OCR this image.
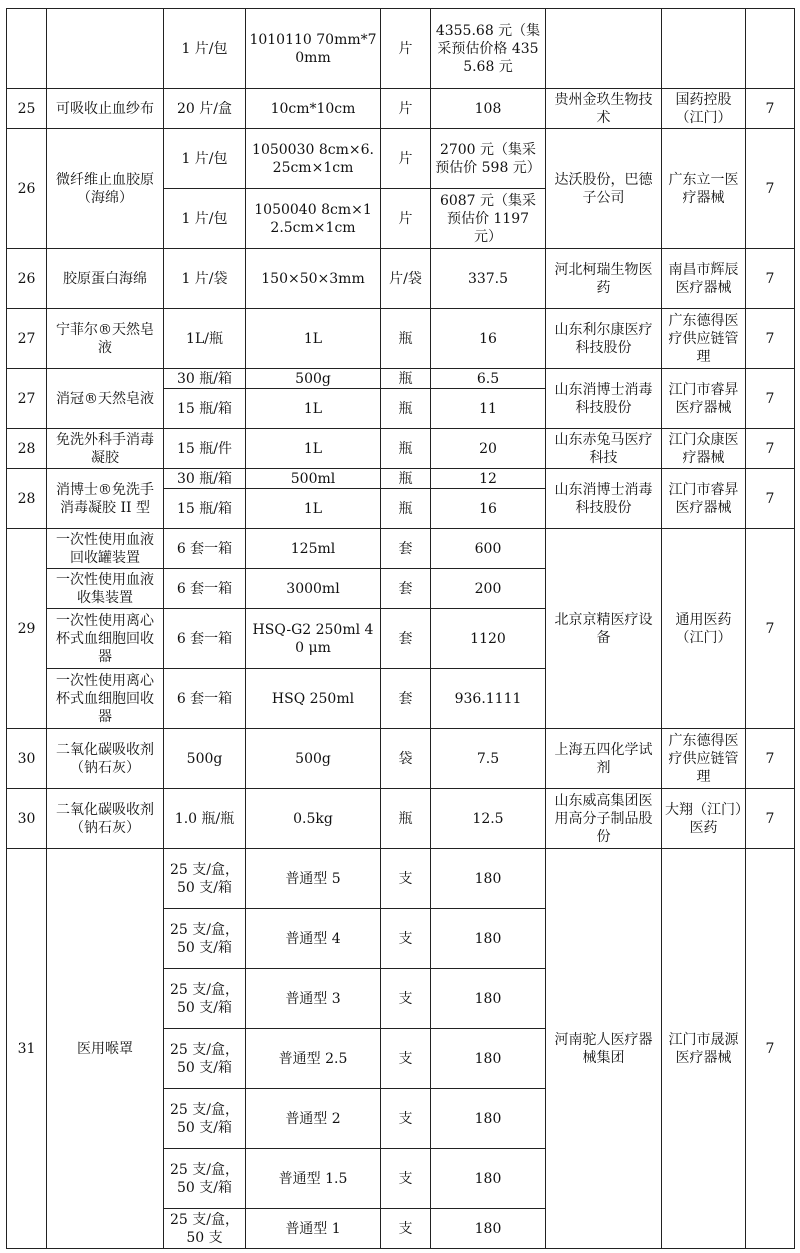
		1 片/包	1010110 70mm*70mm	片	4355.68 元（集采预估价格 4355.68 元			
25	可吸收止血纱布	20 片/盒	10cm*10cm	片	108	贵州金玖生物技术	国药控股（江门）	7
26	微纤维止血胶原（海绵）	1 片/包	1050030 8cm×6.25cm×1cm	片	2700 元（集采预估价 598 元）	达沃股份，巴德子公司	广东立一医疗器械	7
		1 片/包	1050040 8cm×12.5cm×1cm	片	6087 元（集采预估价 1197 元）			
26	胶原蛋白海绵	1 片/袋	150×50×3mm	片/袋	337.5	河北柯瑞生物医药	南昌市辉辰医疗器械	7
27	宁菲尔®天然皂液	1L/瓶	1L	瓶	16	山东利尔康医疗科技股份	广东德得医疗供应链管理	7
27	消冠®天然皂液	30 瓶/箱	500g	瓶	6.5	山东消博士消毒科技股份	江门市睿昇医疗器械	7
		15 瓶/箱	1L	瓶	11			
28	免洗外科手消毒凝胶	15 瓶/件	1L	瓶	20	山东赤兔马医疗科技	江门众康医疗器械	7
28	消博士®免洗手消毒凝胶 II 型	30 瓶/箱	500ml	瓶	12	山东消博士消毒科技股份	江门市睿昇医疗器械	7
		15 瓶/箱	1L	瓶	16			
29	一次性使用血液回收罐装置	6 套一箱	125ml	套	600	北京京精医疗设备	通用医药（江门）	7
	一次性使用血液收集装置	6 套一箱	3000ml	套	200			
	一次性使用离心杯式血细胞回收器	6 套一箱	HSQ-G2 250ml 40 μm	套	1120			
	一次性使用离心杯式血细胞回收器	6 套一箱	HSQ 250ml	套	936.1111			
30	二氧化碳吸收剂（钠石灰）	500g	500g	袋	7.5	上海五四化学试剂	广东德得医疗供应链管理	7
30	二氧化碳吸收剂（钠石灰）	1.0 瓶/瓶	0.5kg	瓶	12.5	山东威高集团医用高分子制品股份	大翔（江门）医药	7
31	医用喉罩	25 支/盒，50 支/箱	普通型 5	支	180	河南驼人医疗器械集团	江门市晟源医疗器械	7
		25 支/盒，50 支/箱	普通型 4	支	180			
		25 支/盒，50 支/箱	普通型 3	支	180			
		25 支/盒，50 支/箱	普通型 2.5	支	180			
		25 支/盒，50 支/箱	普通型 2	支	180			
		25 支/盒，50 支/箱	普通型 1.5	支	180			
		25 支/盒，50 支	普通型 1	支	180			
